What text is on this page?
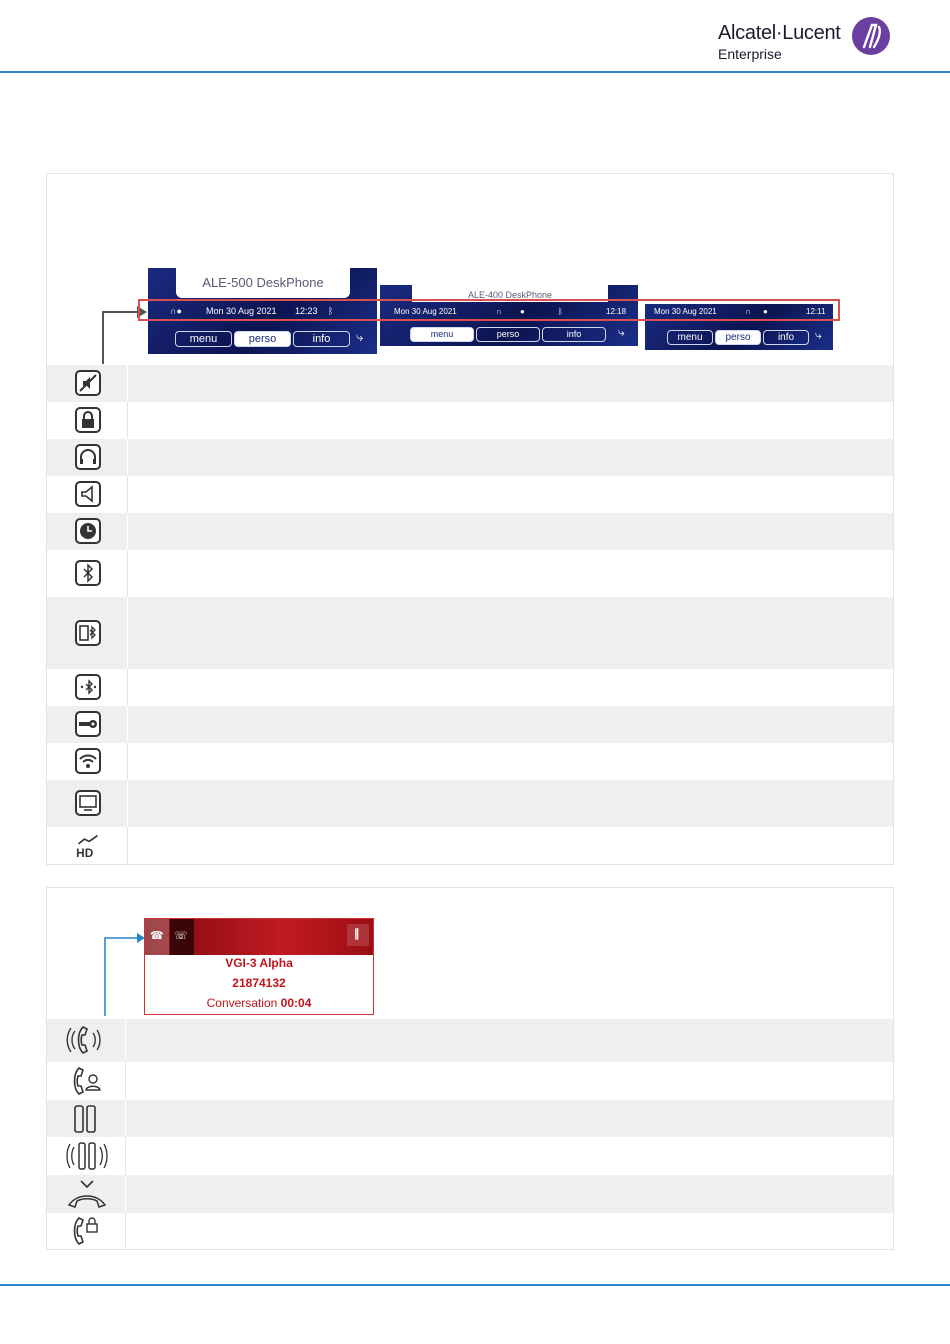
Alcatel·Lucent
Enterprise
ALE-500 DeskPhone
∩●	Mon 30 Aug 2021 12:23 ᛒ
menu	perso	info	⤷
ALE-400 DeskPhone
Mon 30 Aug 2021	∩ ●	ᛒ	12:18
menu	perso	info	⤷
Mon 30 Aug 2021	∩ ●	12:11
menu	perso	info	⤷
HD
☎ ☏	∥
VGI-3 Alpha
21874132
Conversation 00:04
